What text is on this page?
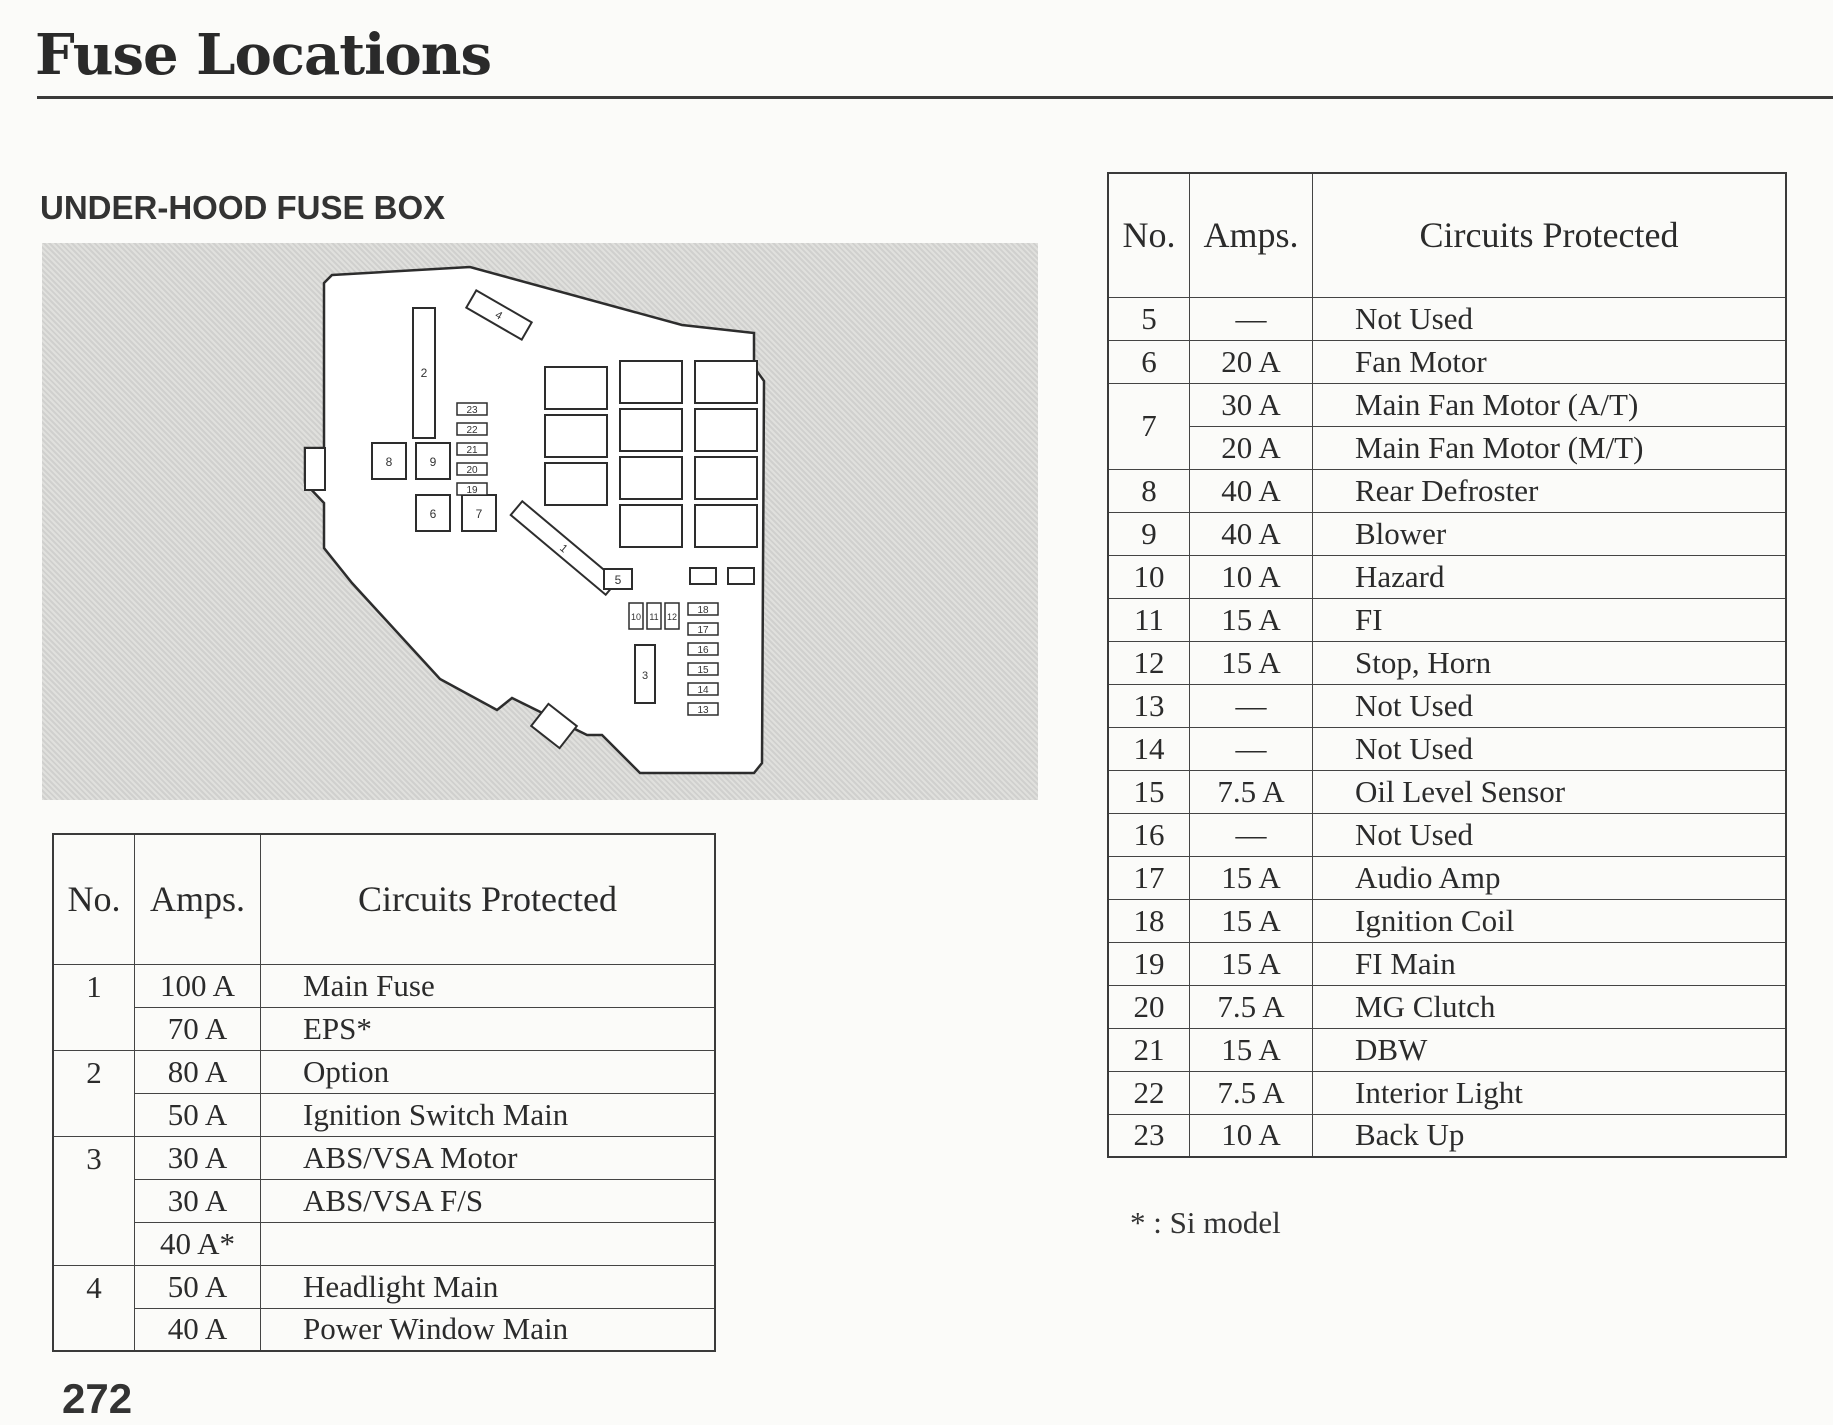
Fuse Locations
UNDER-HOOD FUSE BOX
2
4
1
3
5
8	9
6	7
23
22
21
20
19
10 11 12
18
17
16
15
14
13
No.	Amps.	Circuits Protected
1	100 A	Main Fuse
	70 A	EPS*
2	80 A	Option
	50 A	Ignition Switch Main
3	30 A	ABS/VSA Motor
	30 A	ABS/VSA F/S
	40 A*	
4	50 A	Headlight Main
	40 A	Power Window Main
No.	Amps.	Circuits Protected
5	—	Not Used
6	20 A	Fan Motor
7	30 A	Main Fan Motor (A/T)
	20 A	Main Fan Motor (M/T)
8	40 A	Rear Defroster
9	40 A	Blower
10	10 A	Hazard
11	15 A	FI
12	15 A	Stop, Horn
13	—	Not Used
14	—	Not Used
15	7.5 A	Oil Level Sensor
16	—	Not Used
17	15 A	Audio Amp
18	15 A	Ignition Coil
19	15 A	FI Main
20	7.5 A	MG Clutch
21	15 A	DBW
22	7.5 A	Interior Light
23	10 A	Back Up
* : Si model
272
